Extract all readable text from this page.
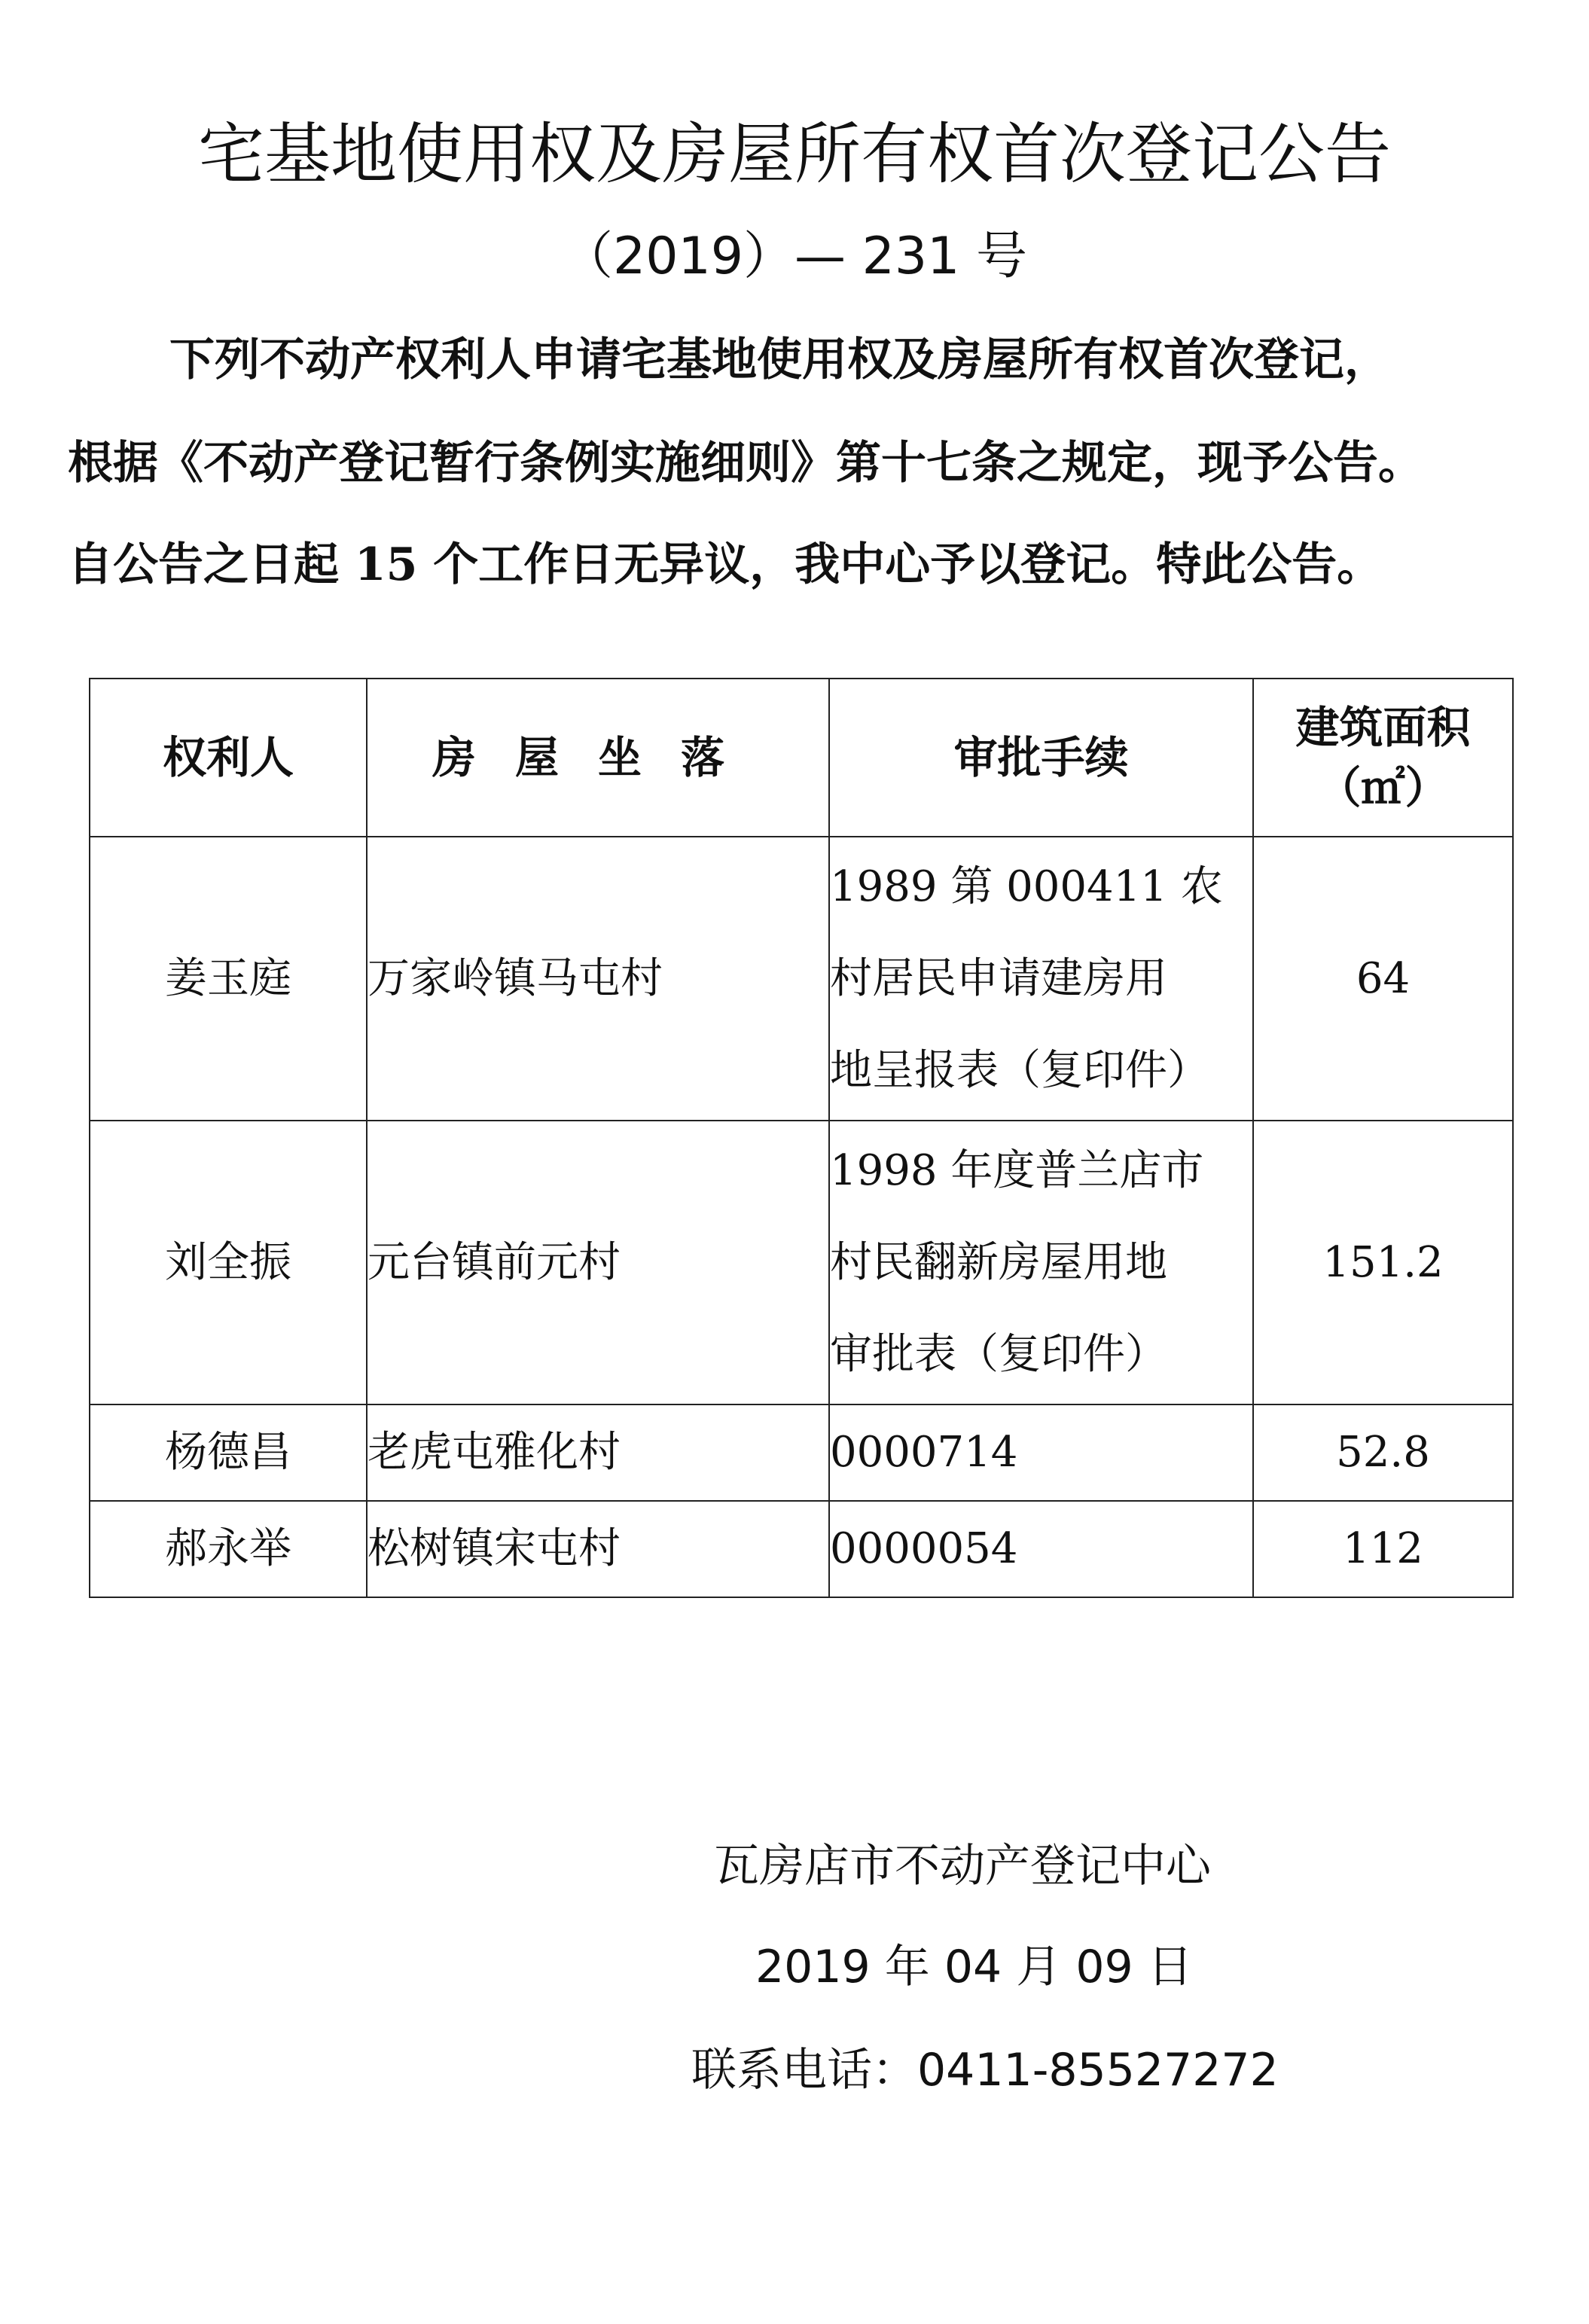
宅基地使用权及房屋所有权首次登记公告
（2019）— 231 号
下列不动产权利人申请宅基地使用权及房屋所有权首次登记，
根据《不动产登记暂行条例实施细则》第十七条之规定，现予公告。
自公告之日起 15 个工作日无异议，我中心予以登记。特此公告。
权利人	房屋坐落	审批手续	建筑面积
（㎡）

姜玉庭	万家岭镇马屯村	1989 第 000411 农
村居民申请建房用
地呈报表（复印件）	64
刘全振	元台镇前元村	1998 年度普兰店市
村民翻新房屋用地
审批表（复印件）	151.2
杨德昌	老虎屯雅化村	0000714	52.8
郝永举	松树镇宋屯村	0000054	112
瓦房店市不动产登记中心
2019 年 04 月 09 日
联系电话：0411-85527272
